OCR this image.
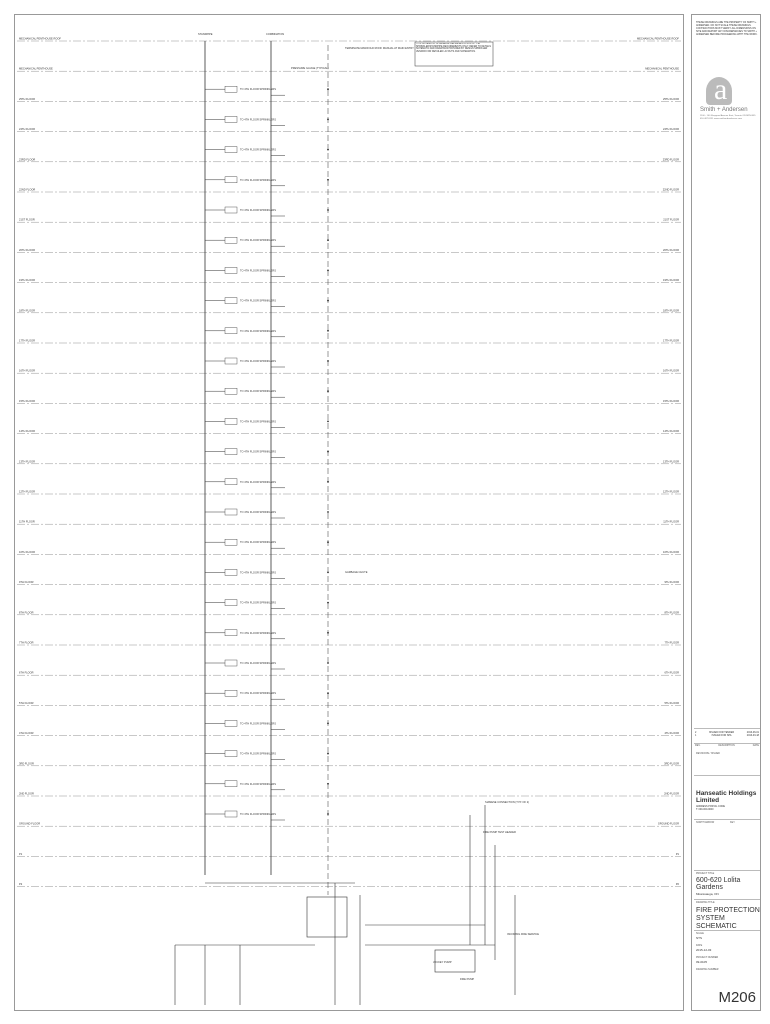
MECHANICAL PENTHOUSE ROOF	MECHANICAL PENTHOUSE ROOF
MECHANICAL PENTHOUSE	MECHANICAL PENTHOUSE
TO 4TH FLOOR SPRINKLERS
25TH FLOOR	25TH FLOOR
TO 4TH FLOOR SPRINKLERS
24TH FLOOR	24TH FLOOR
TO 4TH FLOOR SPRINKLERS
23RD FLOOR	23RD FLOOR
TO 4TH FLOOR SPRINKLERS
22ND FLOOR	22ND FLOOR
TO 4TH FLOOR SPRINKLERS
21ST FLOOR	21ST FLOOR
TO 4TH FLOOR SPRINKLERS
20TH FLOOR	20TH FLOOR
TO 4TH FLOOR SPRINKLERS
19TH FLOOR	19TH FLOOR
TO 4TH FLOOR SPRINKLERS
18TH FLOOR	18TH FLOOR
TO 4TH FLOOR SPRINKLERS
17TH FLOOR	17TH FLOOR
TO 4TH FLOOR SPRINKLERS
16TH FLOOR	16TH FLOOR
TO 4TH FLOOR SPRINKLERS
15TH FLOOR	15TH FLOOR
TO 4TH FLOOR SPRINKLERS
14TH FLOOR	14TH FLOOR
TO 4TH FLOOR SPRINKLERS
13TH FLOOR	13TH FLOOR
TO 4TH FLOOR SPRINKLERS
12TH FLOOR	12TH FLOOR
TO 4TH FLOOR SPRINKLERS
11TH FLOOR	11TH FLOOR
TO 4TH FLOOR SPRINKLERS
10TH FLOOR	10TH FLOOR
TO 4TH FLOOR SPRINKLERS
9TH FLOOR	9TH FLOOR
TO 4TH FLOOR SPRINKLERS
8TH FLOOR	8TH FLOOR
TO 4TH FLOOR SPRINKLERS
7TH FLOOR	7TH FLOOR
TO 4TH FLOOR SPRINKLERS
6TH FLOOR	6TH FLOOR
TO 4TH FLOOR SPRINKLERS
5TH FLOOR	5TH FLOOR
TO 4TH FLOOR SPRINKLERS
4TH FLOOR	4TH FLOOR
TO 4TH FLOOR SPRINKLERS
3RD FLOOR	3RD FLOOR
TO 4TH FLOOR SPRINKLERS
2ND FLOOR	2ND FLOOR
TO 4TH FLOOR SPRINKLERS
GROUND FLOOR	GROUND FLOOR
P1	P1
P2	P2
STANDPIPE	COMBINATION
THIS SCHEMATIC IS GENERAL REPRESENTATION OF THE SPRINKLER/STANDPIPE REQUIREMENTS ONLY. REFER TO DETAILS SCHEMATIC AND DRAWINGS PROVIDED BY DESIGN SPRINKLER VENDOR FOR DETAILED LAYOUTS AND SCHEMATICS.
TERMINATE MANIFOLD ROOF MANUAL AT MAIN ENTRY
PRESSURE GAUGE (TYPICAL)
GARBAGE CHUTE
SIAMESE CONNECTION (TYP. OF 2)
FIRE PUMP TEST HEADER
INCOMING FIRE SERVICE
JOCKEY PUMP
FIRE PUMP
THESE DRAWINGS ARE THE PROPERTY OF SMITH + ANDERSEN. DO NOT SCALE THESE DRAWINGS. CONTRACTORS MUST VERIFY ALL DIMENSIONS ON SITE AND REPORT ANY DISCREPANCIES TO SMITH + ANDERSEN BEFORE PROCEEDING WITH THE WORK.
a
Smith + Andersen
1100 - 100 Sheppard Avenue East, Toronto ON M2N 6N5 416.487.8151 www.smithandandersen.com
2	ISSUED FOR TENDER	2016-06-01
1	ISSUED FOR SPA	2016-03-18
REV.	DESCRIPTION	DATE
REVISIONS / ISSUED
Hanseatic Holdings Limited
ADDRESS POSTAL CODE T: 000-000-0000
NORTH ARROW	KEY
PROJECT TITLE
600-620 Lolita Gardens
Mississauga, ON
DRAWING TITLE
FIRE PROTECTION SYSTEM SCHEMATIC
SCALE
NTS
DATE
2015-12-03
PROJECT NUMBER
09-0105
DRAWING NUMBER
M206
